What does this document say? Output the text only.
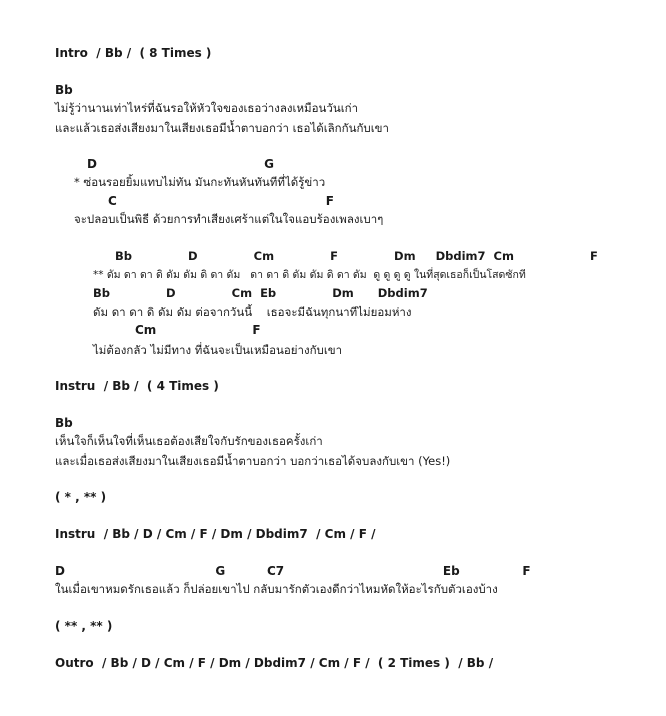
Intro  / Bb /  ( 8 Times )
Bb
ไม่รู้ว่านานเท่าไหร่ที่ฉันรอให้หัวใจของเธอว่างลงเหมือนวันเก่า
และแล้วเธอส่งเสียงมาในเสียงเธอมีน้ำตาบอกว่า เธอได้เลิกกันกับเขา
D                                        G
* ซ่อนรอยยิ้มแทบไม่ทัน มันกะทันหันทันทีที่ได้รู้ข่าว
C                                                  F
จะปลอบเป็นพิธี ด้วยการทำเสียงเศร้าแต่ในใจแอบร้องเพลงเบาๆ
Bb              D              Cm              F              Dm     Dbdim7  Cm                   F
** ดัม ดา ดา ดิ ดัม ดัม ดิ ดา ดัม   ดา ดา ดิ ดัม ดัม ดิ ดา ดัม  ดู ดู ดู ดู ในที่สุดเธอก็เป็นโสดซักที
Bb              D              Cm  Eb              Dm      Dbdim7
ดัม ดา ดา ดิ ดัม ดัม ต่อจากวันนี้    เธอจะมีฉันทุกนาทีไม่ยอมห่าง
Cm                       F
ไม่ต้องกลัว ไม่มีทาง ที่ฉันจะเป็นเหมือนอย่างกับเขา
Instru  / Bb /  ( 4 Times )
Bb
เห็นใจก็เห็นใจที่เห็นเธอต้องเสียใจกับรักของเธอครั้งเก่า
และเมื่อเธอส่งเสียงมาในเสียงเธอมีน้ำตาบอกว่า บอกว่าเธอได้จบลงกับเขา (Yes!)
( * , ** )
Instru  / Bb / D / Cm / F / Dm / Dbdim7  / Cm / F /
D                                    G          C7                                      Eb               F
ในเมื่อเขาหมดรักเธอแล้ว ก็ปล่อยเขาไป กลับมารักตัวเองดีกว่าไหมหัดให้อะไรกับตัวเองบ้าง
( ** , ** )
Outro  / Bb / D / Cm / F / Dm / Dbdim7 / Cm / F /  ( 2 Times )  / Bb /
